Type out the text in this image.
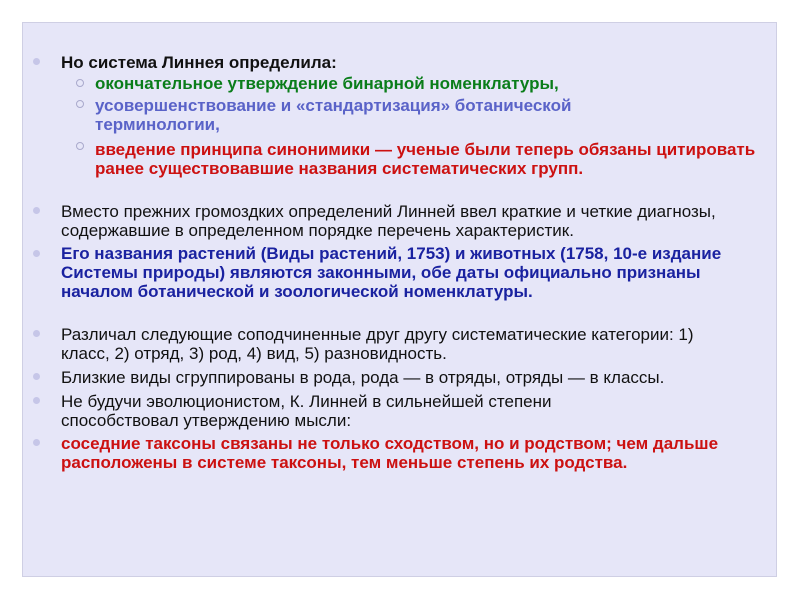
Но система Линнея определила:
окончательное утверждение бинарной номенклатуры,
усовершенствование и «стандартизация» ботанической терминологии,
введение принципа синонимики — ученые были теперь обязаны цитировать ранее существовавшие названия систематических групп.
Вместо прежних громоздких определений Линней ввел краткие и четкие диагнозы, содержавшие в определенном порядке перечень характеристик.
Его названия растений (Виды растений, 1753) и животных (1758, 10-е издание Системы природы) являются законными, обе даты официально признаны началом ботанической и зоологической номенклатуры.
Различал следующие соподчиненные друг другу систематические категории: 1) класс, 2) отряд, 3) род, 4) вид, 5) разновидность.
Близкие виды сгруппированы в рода, рода — в отряды, отряды — в классы.
Не будучи эволюционистом, К. Линней в сильнейшей степени способствовал утверждению мысли:
соседние таксоны связаны не только сходством, но и родством; чем дальше расположены в системе таксоны, тем меньше степень их родства.
